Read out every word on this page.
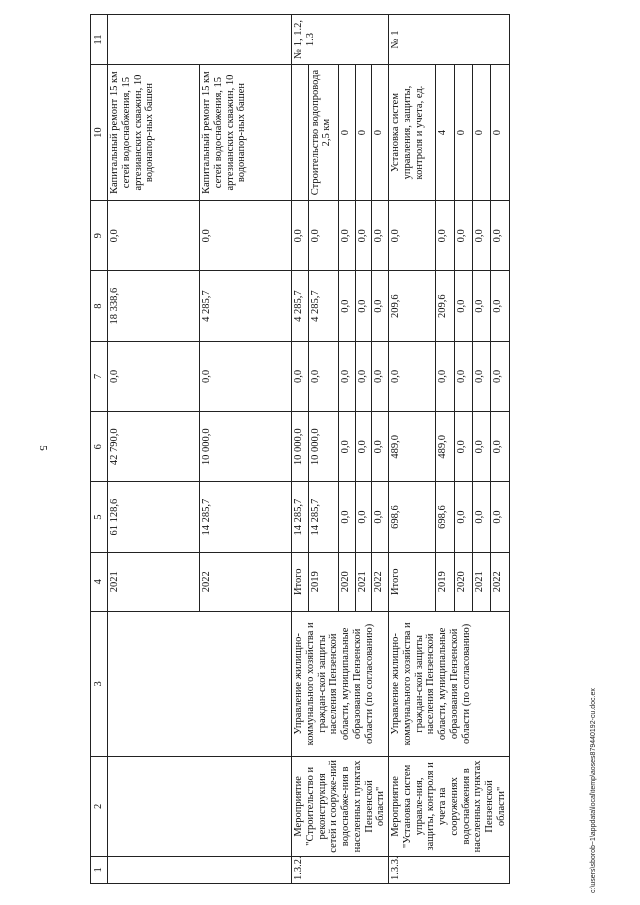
5
c:\users\sborob~1\appdata\local\temp\aoses879440192-cu.doc.ex
1	2	3	4	5	6	7	8	9	10	11
			2021	61 128,6	42 790,0	0,0	18 338,6	0,0	Капитальный ремонт 15 км сетей водоснабжения, 15 артезианских скважин, 10 водонапор-ных башен	
			2022	14 285,7	10 000,0	0,0	4 285,7	0,0	Капитальный ремонт 15 км сетей водоснабжения, 15 артезианских скважин, 10 водонапор-ных башен	
1.3.2.	Мероприятие "Строительство и реконструкция сетей и сооруже-ний водоснабже-ния в населенных пунктах Пензенской области"	Управление жилищно-коммунального хозяйства и граждан-ской защиты населения Пензенской области, муниципальные образования Пензенской области (по согласованию)	Итого	14 285,7	10 000,0	0,0	4 285,7	0,0		№ 1, 1.2, 1.3
			2019	14 285,7	10 000,0	0,0	4 285,7	0,0	Строительство водопровода 2,5 км	
			2020	0,0	0,0	0,0	0,0	0,0	0	
			2021	0,0	0,0	0,0	0,0	0,0	0	
			2022	0,0	0,0	0,0	0,0	0,0	0	
1.3.3.	Мероприятие "Установка систем управле-ния, защиты, контроля и учета на сооружениях водоснабжения в населенных пунктах Пензенской области"	Управление жилищно-коммунального хозяйства и граждан-ской защиты населения Пензенской области, муниципальные образования Пензенской области (по согласованию)	Итого	698,6	489,0	0,0	209,6	0,0	Установка систем управления, защиты, контроля и учета, ед.	№ 1
			2019	698,6	489,0	0,0	209,6	0,0	4	
			2020	0,0	0,0	0,0	0,0	0,0	0	
			2021	0,0	0,0	0,0	0,0	0,0	0	
			2022	0,0	0,0	0,0	0,0	0,0	0	
